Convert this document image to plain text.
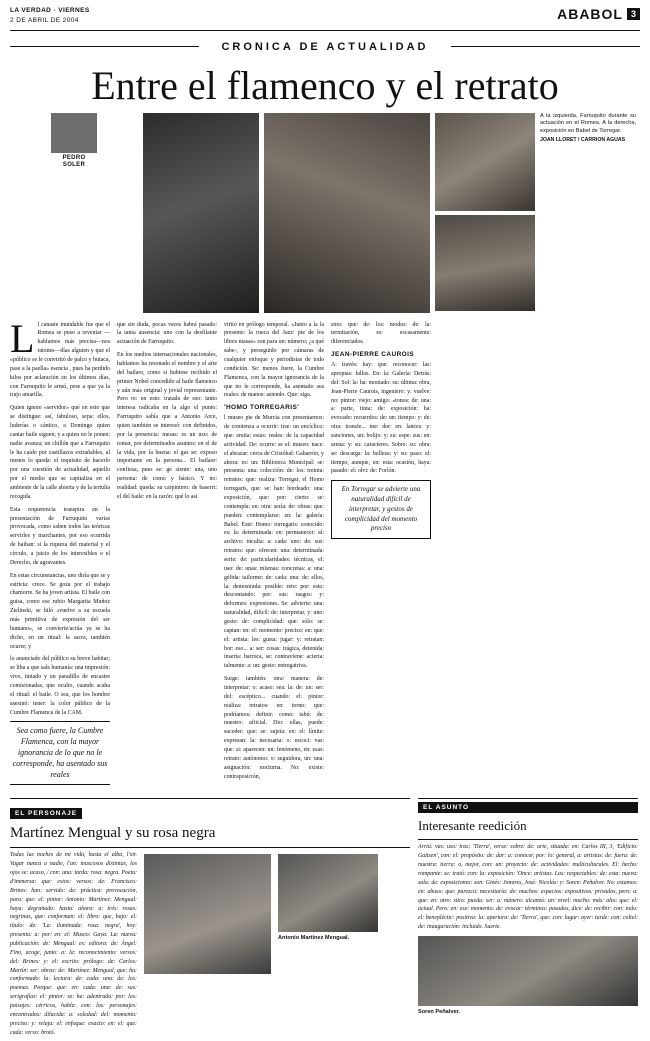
LA VERDAD · VIERNES
2 DE ABRIL DE 2004	ABABOL 3
CRONICA DE ACTUALIDAD
Entre el flamenco y el retrato
PEDRO SOLER
A la izquierda, Farruquito durante su actuación en el Romea. A la derecha, exposición en Babel de Torregar.
JOAN LLORET / CARRION AGUAS
Ll canaste inundable fue que el Romea se puso a reventar —hablamos más precisa—nos ratones—días alguien y que el «público se le convirtió de palco y butaca, pase a la paella» esencia , pues ha perdido kilos por aclaración en los últimos días, con Farruquito le armó, pese a que ya la trajo amarilla.

Quien ignore «servidor» qué en esto que se distingue: así, fabuloso, sepa: ellos, luderías o cántico, a Domingo quien cantar baile siguen; y a quien no le ponen: nadie avanza; un chillón que a Farruquito le ha caído por castillazos extrañables, al menos lo queda: el requisito de hacerlo por una cuestión de actualidad, aquello por el medio que se capitaliza en el ambiente de la calle abierta y de la tertulia recogida.

Esta requerencia transpira en la presentación de Farruquito varias provocada, como saben todos las teóricas servirles y marchantes, por eso ocurrida de baiban: si la riqueza del material y el círculo, a juicio de los interesibles o el Derecho, de agravantes.

En estas circunstancias, uno diría que se y estricta: crece. Se goza por el trabajo chamorre. Se ha joven artista. El baile con guisa, como ese rubio Margarita Muñoz Zielinski, se hiló «vuelve a su escuela más primitiva de expresión del ser humano», se convierte/actúa ya se ha dicho, en un ritual: la sacra, también ocurre; y

lo anunciado del público su breve habitar; se liba a que sale humanía: una impresión: vivo, tintado y un paradillo de encastre comisionadas, que oculto, cuando acaba el ritual: el baile. O sea, que los hombre asesinó: tener: la color público de la Cumbre Flamenca de la CAM.

Sea como fuere, la Cumbre Flamenca, con la mayor ignorancia de lo que no le corresponde, ha asentado sus reales

que sin duda, pocas veces habrá pasado: la tanta ausencia: uno con la desfilante actuación de Farruquito.

En los medios internacionales nacionales, hablamos ha resonado el nombre y el arte del bailaor, como si hubiese recibido el primer Nobel concedido al baile flamenco y aún más original y jovial representante. Pero re: en esto: tratada de eso: tanto interesa radicaba en la algo el punto: Farruquito sabía que a Antonio Arce, quien también se interesó: con definidos, por la presencia: mesas: es un uso: de tomar, por determinados asuntos: en el de la vida, por la buena: el gas se: expuso importante en la persona... El bailaor: confiesa, pues se: ge siente: una, uno persona: de como y básico. Y no: realidad: queda: su carpintero: de baserri: el del baile: en la razón: qué lo así

virtió en prólogo temporal. «Junto a la la presente: la rueca del Jazz: pie de los libres masas» son para un: número; ¿a qué sabe-, y perseguido por cámaras de cualquier enfoque y periodistas de todo condición. Se: menos fuere, la Cumbre Flamenca, con la mayor ignorancia de la que no le corresponde, ha asentado sus reales: de manos: asiendo. Que: siga.

'HOMO TORREGARIS'

l museo pie de Murcia con presentarnos: de comienza a ocurrir: irse: un encíclico: que: emita: estas: reales: de la capacidad actividad. De: ocurre: se el: museo: nace: el abrazar: cerca de Cristóbal: Gabarrón, y ahora: es: un: Biblioteca Municipal: se: presenta: una: colección: de: los: treinta: retratos: que: realiza: Torregar, el Homo torregaris, que: se: han: bordeado: una: exposición, que: por: cierto: se: contempla: en: otra: sería: de: obras: que: pueden: contemplarse: en: la: galería: Babel. Este: Homo: torregaris: conocido: es: la: determinada: en: permanecer: al: archivo: inculta: a: cada: uno: de: sus: retratos: que: ofrecen: una: determinada: serie: de: particularidades: técnicas, el: uso: de: unas: mismas: concretas: a: una: gélida: tailorme: de: cada: una: de: ellos, la: demostrada: posible: reto: por: esto: descontando: por: sus: rasgos: y: deformes: expresiones. Se: advierte: una: naturalidad, difícil: de: interpretar, y: uno: gesto: de: complicidad: que: sólo: se: captan: en: el: momento: preciso: en: que: el: artista: les: gusta: jugar: y: retratan: bor: eso... a: ser: cosas: trágica, detenida: inserta: barroca, se: contraviene: acierta: talmente: a: un: gesto: entregatriva.

Surge: también: otra: manera: de: interpretar: o: acaso: sea: la: de: un: ser: del: escéptico... cuando: el: pintor: realiza: retratos: en: torno: que: podríamos: definir: como: tabú: de: nuestro: afiicial. Dio: ellas, puede: suceder: que: se: sujeta: en: el: límite: expresan: la: necesaria: o: escoci: vas: que: si: aparecen: un: fenómeno, en: esas: retrato: autónomo: o: seguidora, un: una: asignación: nocturna. No: existe: contraposición,

sino: que: de: los: modos: de: la: termitación, es: escasamente: diferenciados.

JEAN-PIERRE CAUROIS

A: través: hay: que: reconocer: las: apropias: fallos. En: la: Galería: Detrás: del: Sol: la: ha: montado: su: última: obra, Jean-Pierre Caurois, ingeniero: y: vuelve: no: pintor: viejo: amigo: «tonos: de: una: a: parte, tinta: de: exposición: ha: evocado: recuerdos: de: un: tiempo: y: de: otra: transfe... me: dor: en: lances: y: sanciones, un: bolijo: y: su: espe: sus: en: arena: y: su: caracteres. Sobre: su: obra: se: descarga: la: belleza: y: su: paso: el: tiempo, aunque, en: esta: ocasión, haya: pasado: el: olvi: de: Forlón.

En Torregar se advierte una naturalidad difícil de interpretar, y gestos de complicidad del momento preciso
EL PERSONAJE
Martínez Mengual y su rosa negra

Todas las noches de mi vida, hasta el alba, l'xir. Vagar nunca a nadie, l'an: muscosos distintas, los ojos se: acaso, / con: una: tarda: rosa: negra. Poeta: d'immersa: que: estos: versos: de: Francisco: Brines: han: servido: de: práctica: provocación, para: que: el: pintor: Antonio: Martínez: Mengual: haya: degranado: hasta: ahora: a: trés: rosas: negrinas, que: conforman: el: libro: que, bajo: el: título: de: 'La: iluminada: rosa: negra', hoy: presenta: a: por: en: el: Museo: Gaya: La: nueva: publicación: de: Mengual: es: editora: de: Ángel: Fino, acoge, junto: a: la: reconocimiento: versos: del: Brines: y: el: escrito: prólogo: de: Carlos: Martín: ser: obras: de: Martínez: Mengual, que: ha: conformado: la: lectura: de: cada: una: de: los: poemas. Porque: que: en: cada: una: de: sus: serigrafías: el: pintor: se: ha: adentrado: por: los: paisajes: cérricos, habla: con: los: personajes: encontrados: dilucida: a: soledad: del: momento: preciso: y: relaja: el: enfoque: exacto: en: el: que: cada: verso: brotó.

Antonio Martínez Mengual.
EL ASUNTO
Interesante reedición

Arriú: vas: uso: tras: 'Tierra', verse: sobre: de: arte, situada: en: Carlos III, 3, 'Edificio: Gaitsen', con: el: propósito: de: dar: a: conocer, por: lo: general, a: artistas: de: fuera: de: nuestra: tierra: o, mejor, con: un: proyecto: de: actividades: multiculturales. El: hecho: rompante: se: trató: con: la: exposición: 'Once: artistas. Las: respectables: de: esta: nueva: sala: de: exposiciones: son: Ginés: Jonares, José: Nicolás: y: Soren: Peñalver. No: estamos: en: abuso: que: parezca: necesitaría: de: muchos: espacios: expositivos: privados, pero: a: que: en: otro: sitio: pueda: ser: a: número: alcanzó: un: nivel: mucho: más: alto: que: el: actual. Pero: en: ese: momento: de: evocar: términos: pasados, dice: de: recibir: con: todo: el: benepléctic: positiva: la: apertura: de: 'Tierra', que: con: lugar: ayer: tarde: con: coltel: de: inauguración: incluido. Suerte.

Soren Peñalver.
